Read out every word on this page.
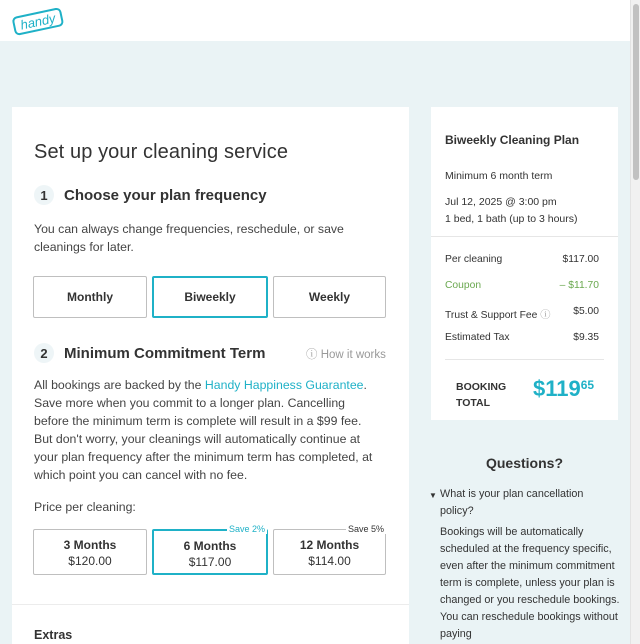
handy
Set up your cleaning service
1	Choose your plan frequency
You can always change frequencies, reschedule, or save cleanings for later.
Monthly	Biweekly	Weekly
2	Minimum Commitment Term	ⓘ How it works
All bookings are backed by the Handy Happiness Guarantee. Save more when you commit to a longer plan. Cancelling before the minimum term is complete will result in a $99 fee. But don't worry, your cleanings will automatically continue at your plan frequency after the minimum term has completed, at which point you can cancel with no fee.
Price per cleaning:
3 Months
$120.00
6 Months
$117.00
Save 2%
12 Months
$114.00
Save 5%
Extras
Biweekly Cleaning Plan
Minimum 6 month term
Jul 12, 2025 @ 3:00 pm
1 bed, 1 bath (up to 3 hours)
Per cleaning	$117.00
Coupon	– $11.70
Trust & Support Fee ⓘ $5.00
Estimated Tax	$9.35
BOOKING
TOTAL
$\$119^{65}$
Questions?
▼ What is your plan cancellation policy?
Bookings will be automatically scheduled at the frequency specific, even after the minimum commitment term is complete, unless your plan is changed or you reschedule bookings. You can reschedule bookings without paying
